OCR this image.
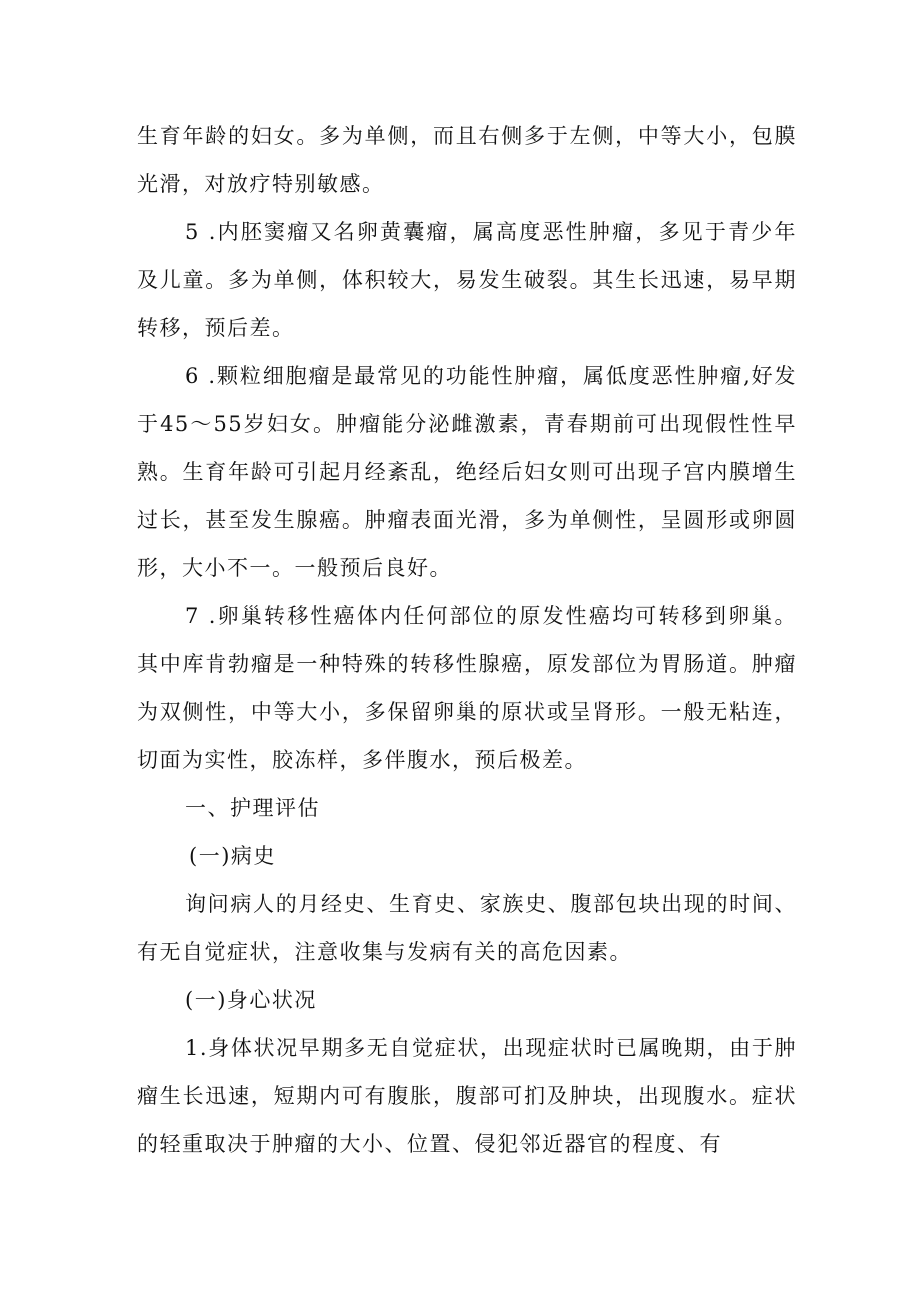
生育年龄的妇女。多为单侧，而且右侧多于左侧，中等大小，包膜光滑，对放疗特别敏感。

5 .内胚窦瘤又名卵黄囊瘤，属高度恶性肿瘤，多见于青少年及儿童。多为单侧，体积较大，易发生破裂。其生长迅速，易早期转移，预后差。

6 .颗粒细胞瘤是最常见的功能性肿瘤，属低度恶性肿瘤,好发于45～55岁妇女。肿瘤能分泌雌激素，青春期前可出现假性性早熟。生育年龄可引起月经紊乱，绝经后妇女则可出现子宫内膜增生过长，甚至发生腺癌。肿瘤表面光滑，多为单侧性，呈圆形或卵圆形，大小不一。一般预后良好。

7 .卵巢转移性癌体内任何部位的原发性癌均可转移到卵巢。其中库肯勃瘤是一种特殊的转移性腺癌，原发部位为胃肠道。肿瘤为双侧性，中等大小，多保留卵巢的原状或呈肾形。一般无粘连，切面为实性，胶冻样，多伴腹水，预后极差。

一、护理评估

(一)病史

询问病人的月经史、生育史、家族史、腹部包块出现的时间、有无自觉症状，注意收集与发病有关的高危因素。

(一)身心状况

1.身体状况早期多无自觉症状，出现症状时已属晚期，由于肿瘤生长迅速，短期内可有腹胀，腹部可扪及肿块，出现腹水。症状的轻重取决于肿瘤的大小、位置、侵犯邻近器官的程度、有
